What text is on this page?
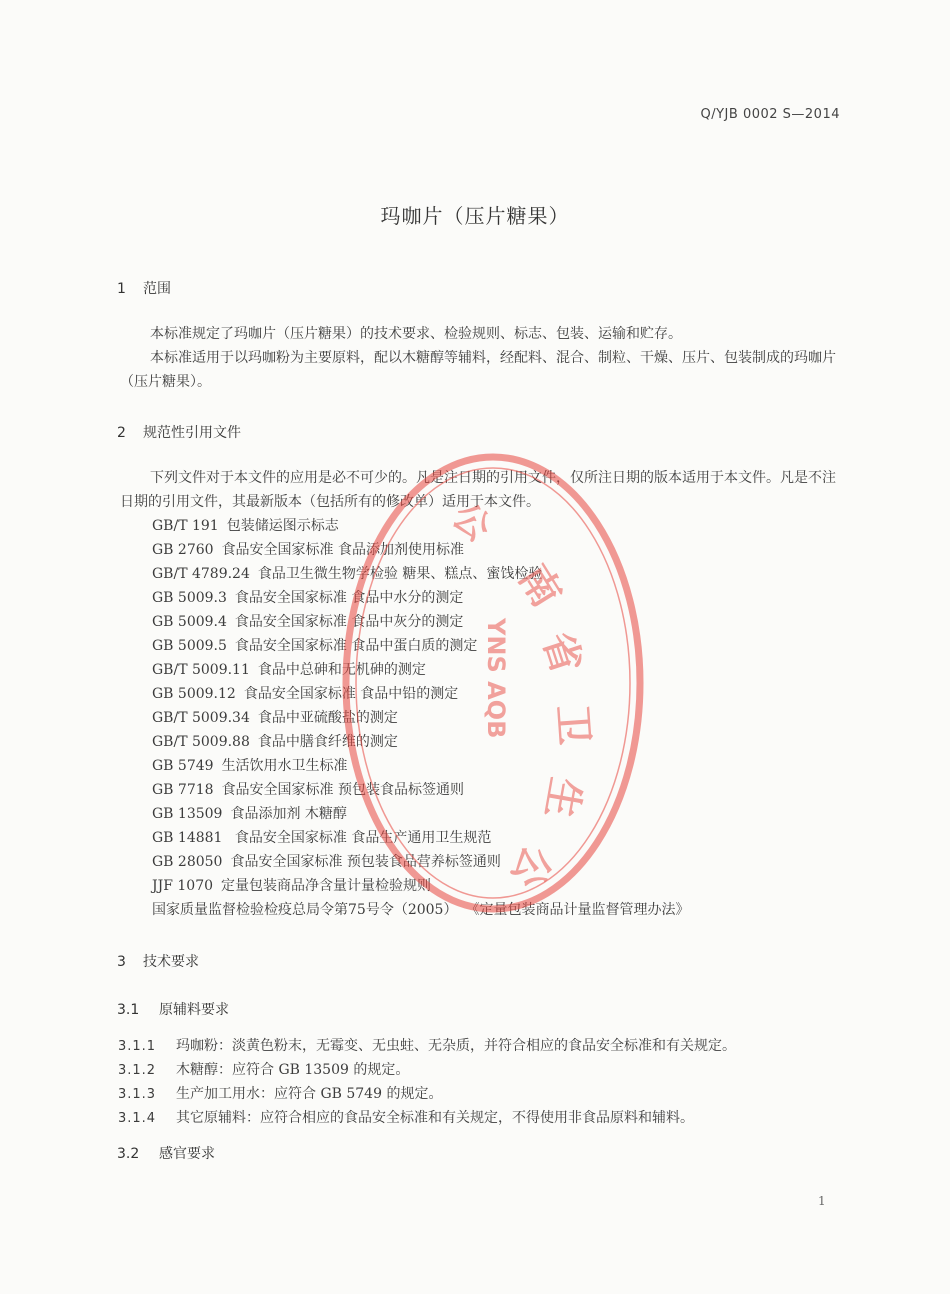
Q/YJB 0002 S—2014
玛咖片（压片糖果）
1 范围
本标准规定了玛咖片（压片糖果）的技术要求、检验规则、标志、包装、运输和贮存。
本标准适用于以玛咖粉为主要原料，配以木糖醇等辅料，经配料、混合、制粒、干燥、压片、包装制成的玛咖片（压片糖果）。
2 规范性引用文件
下列文件对于本文件的应用是必不可少的。凡是注日期的引用文件，仅所注日期的版本适用于本文件。凡是不注日期的引用文件，其最新版本（包括所有的修改单）适用于本文件。
GB/T 191 包装储运图示标志
GB 2760 食品安全国家标准 食品添加剂使用标准
GB/T 4789.24 食品卫生微生物学检验 糖果、糕点、蜜饯检验
GB 5009.3 食品安全国家标准 食品中水分的测定
GB 5009.4 食品安全国家标准 食品中灰分的测定
GB 5009.5 食品安全国家标准 食品中蛋白质的测定
GB/T 5009.11 食品中总砷和无机砷的测定
GB 5009.12 食品安全国家标准 食品中铅的测定
GB/T 5009.34 食品中亚硫酸盐的测定
GB/T 5009.88 食品中膳食纤维的测定
GB 5749 生活饮用水卫生标准
GB 7718 食品安全国家标准 预包装食品标签通则
GB 13509 食品添加剂 木糖醇
GB 14881 食品安全国家标准 食品生产通用卫生规范
GB 28050 食品安全国家标准 预包装食品营养标签通则
JJF 1070 定量包装商品净含量计量检验规则
国家质量监督检验检疫总局令第75号令（2005） 《定量包装商品计量监督管理办法》
3 技术要求
3.1 原辅料要求
3.1.1 玛咖粉：淡黄色粉末，无霉变、无虫蛀、无杂质，并符合相应的食品安全标准和有关规定。
3.1.2 木糖醇：应符合 GB 13509 的规定。
3.1.3 生产加工用水：应符合 GB 5749 的规定。
3.1.4 其它原辅料：应符合相应的食品安全标准和有关规定，不得使用非食品原料和辅料。
3.2 感官要求
1
南
省
卫
生
公
公
YNS AQB
